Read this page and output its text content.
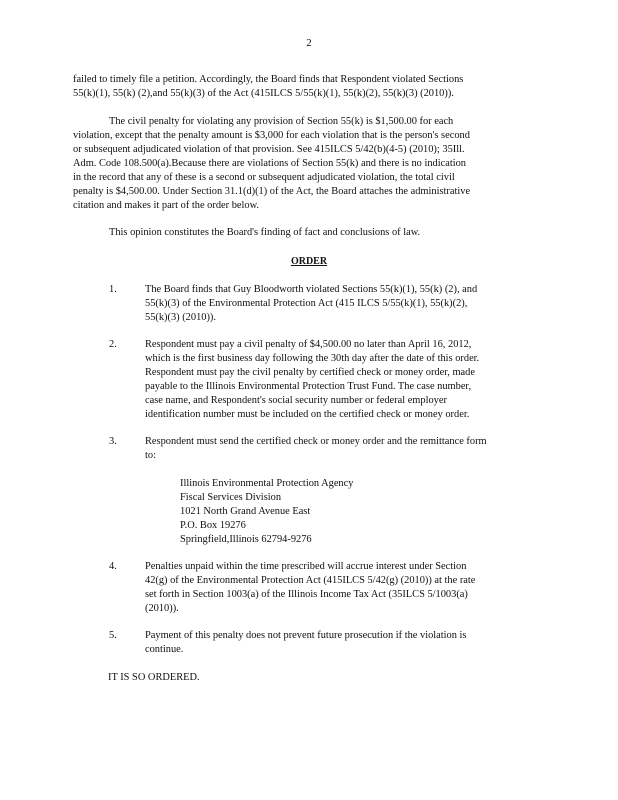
2
failed to timely file a petition. Accordingly, the Board finds that Respondent violated Sections
55(k)(1), 55(k) (2),and 55(k)(3) of the Act (415ILCS 5/55(k)(1), 55(k)(2), 55(k)(3) (2010)).
The civil penalty for violating any provision of Section 55(k) is $1,500.00 for each
violation, except that the penalty amount is $3,000 for each violation that is the person's second
or subsequent adjudicated violation of that provision. See 415ILCS 5/42(b)(4-5) (2010); 35Ill.
Adm. Code 108.500(a).Because there are violations of Section 55(k) and there is no indication
in the record that any of these is a second or subsequent adjudicated violation, the total civil
penalty is $4,500.00. Under Section 31.1(d)(1) of the Act, the Board attaches the administrative
citation and makes it part of the order below.
This opinion constitutes the Board's finding of fact and conclusions of law.
ORDER
1.	The Board finds that Guy Bloodworth violated Sections 55(k)(1), 55(k) (2), and
55(k)(3) of the Environmental Protection Act (415 ILCS 5/55(k)(1), 55(k)(2),
55(k)(3) (2010)).
2.	Respondent must pay a civil penalty of $4,500.00 no later than April 16, 2012,
which is the first business day following the 30th day after the date of this order.
Respondent must pay the civil penalty by certified check or money order, made
payable to the Illinois Environmental Protection Trust Fund. The case number,
case name, and Respondent's social security number or federal employer
identification number must be included on the certified check or money order.
3.	Respondent must send the certified check or money order and the remittance form
to:
Illinois Environmental Protection Agency
Fiscal Services Division
1021 North Grand Avenue East
P.O. Box 19276
Springfield,Illinois 62794-9276
4.	Penalties unpaid within the time prescribed will accrue interest under Section
42(g) of the Environmental Protection Act (415ILCS 5/42(g) (2010)) at the rate
set forth in Section 1003(a) of the Illinois Income Tax Act (35ILCS 5/1003(a)
(2010)).
5.	Payment of this penalty does not prevent future prosecution if the violation is
continue.
IT IS SO ORDERED.
